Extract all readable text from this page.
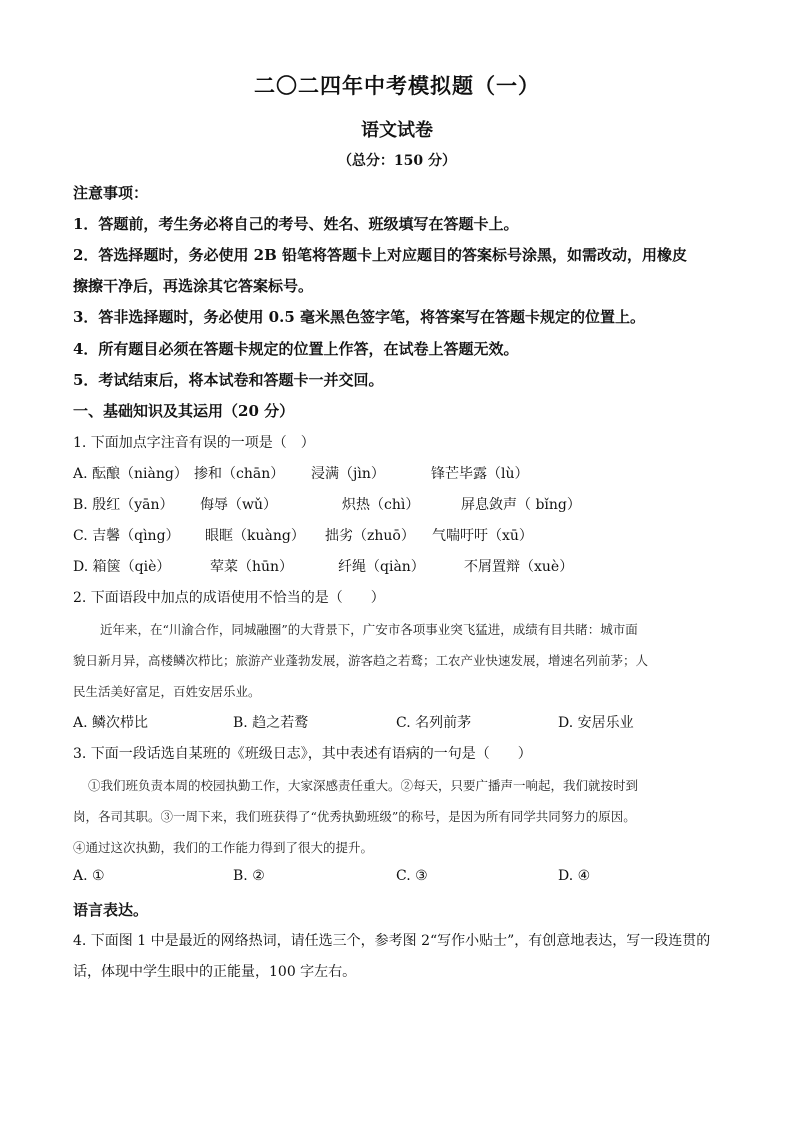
二〇二四年中考模拟题（一）
语文试卷
（总分：150 分）
注意事项：
1．答题前，考生务必将自己的考号、姓名、班级填写在答题卡上。
2．答选择题时，务必使用 2B 铅笔将答题卡上对应题目的答案标号涂黑，如需改动，用橡皮
擦擦干净后，再选涂其它答案标号。
3．答非选择题时，务必使用 0.5 毫米黑色签字笔，将答案写在答题卡规定的位置上。
4．所有题目必须在答题卡规定的位置上作答，在试卷上答题无效。
5．考试结束后，将本试卷和答题卡一并交回。
一、基础知识及其运用（20 分）
1. 下面加点字注音有误的一项是（　）
A. 酝酿（niàng） 掺和（chān） 浸满（jìn）	锋芒毕露（lù）
B. 殷红（yān） 侮辱（wǔ）	炽热（chì）	屏息敛声（ bǐng）
C. 吉馨（qìng） 眼眶（kuàng） 拙劣（zhuō） 气喘吁吁（xū）
D. 箱箧（qiè）	荤菜（hūn）	纤绳（qiàn）	不屑置辩（xuè）
2. 下面语段中加点的成语使用不恰当的是（　　）
近年来，在“川渝合作，同城融圈”的大背景下，广安市各项事业突飞猛进，成绩有目共睹：城市面
貌日新月异，高楼鳞次栉比；旅游产业蓬勃发展，游客趋之若鹜；工农产业快速发展，增速名列前茅；人
民生活美好富足，百姓安居乐业。
A. 鳞次栉比	B. 趋之若鹜	C. 名列前茅	D. 安居乐业
3. 下面一段话选自某班的《班级日志》，其中表述有语病的一句是（　　）
①我们班负责本周的校园执勤工作，大家深感责任重大。②每天，只要广播声一响起，我们就按时到
岗，各司其职。③一周下来，我们班获得了“优秀执勤班级”的称号，是因为所有同学共同努力的原因。
④通过这次执勤，我们的工作能力得到了很大的提升。
A. ①	B. ②	C. ③	D. ④
语言表达。
4. 下面图 1 中是最近的网络热词，请任选三个，参考图 2“写作小贴士”，有创意地表达，写一段连贯的
话，体现中学生眼中的正能量，100 字左右。
